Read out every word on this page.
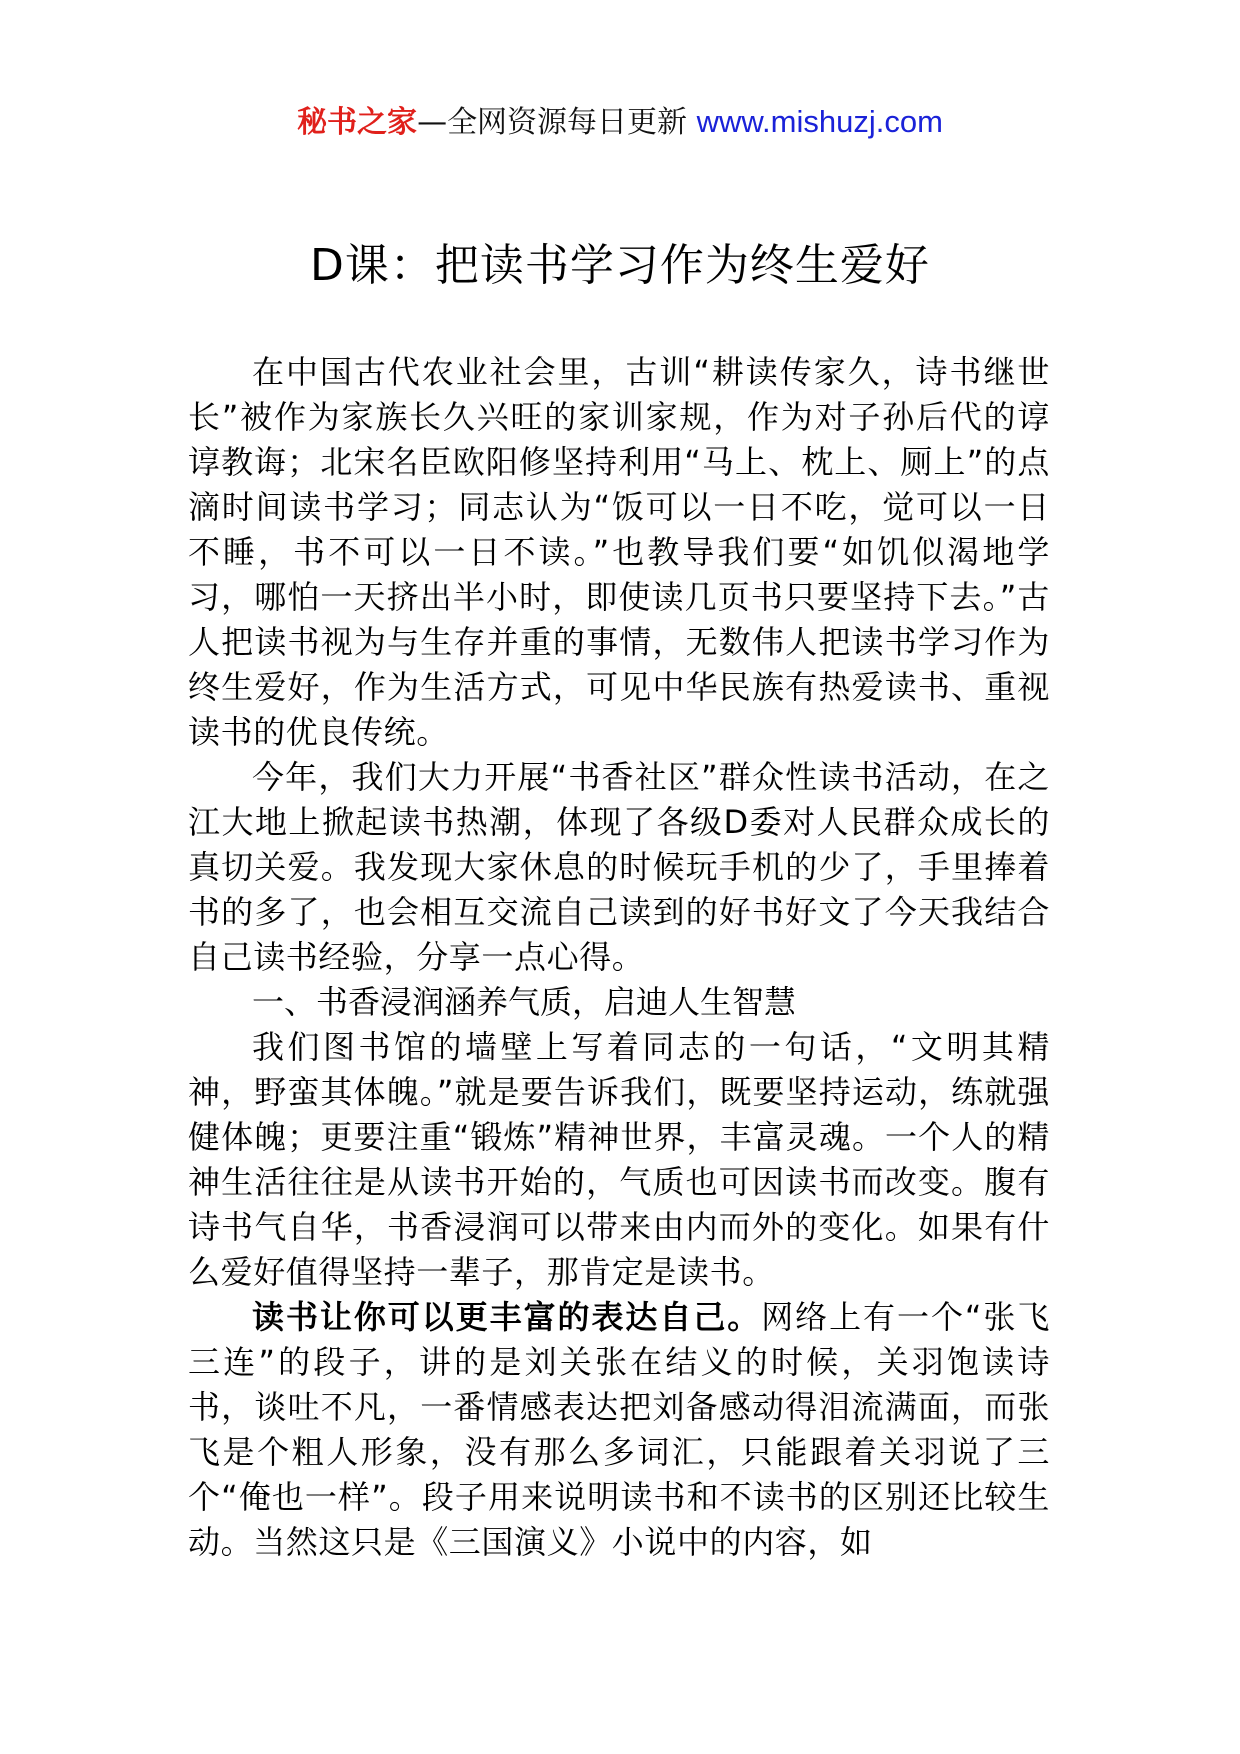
秘书之家—全网资源每日更新 www.mishuzj.com
D课：把读书学习作为终生爱好

在中国古代农业社会里，古训“耕读传家久，诗书继世长”被作为家族长久兴旺的家训家规，作为对子孙后代的谆谆教诲；北宋名臣欧阳修坚持利用“马上、枕上、厕上”的点滴时间读书学习；同志认为“饭可以一日不吃，觉可以一日不睡，书不可以一日不读。”也教导我们要“如饥似渴地学习，哪怕一天挤出半小时，即使读几页书只要坚持下去。”古人把读书视为与生存并重的事情，无数伟人把读书学习作为终生爱好，作为生活方式，可见中华民族有热爱读书、重视读书的优良传统。

今年，我们大力开展“书香社区”群众性读书活动，在之江大地上掀起读书热潮，体现了各级D委对人民群众成长的真切关爱。我发现大家休息的时候玩手机的少了，手里捧着书的多了，也会相互交流自己读到的好书好文了今天我结合自己读书经验，分享一点心得。

一、书香浸润涵养气质，启迪人生智慧

我们图书馆的墙壁上写着同志的一句话，“文明其精神，野蛮其体魄。”就是要告诉我们，既要坚持运动，练就强健体魄；更要注重“锻炼”精神世界，丰富灵魂。一个人的精神生活往往是从读书开始的，气质也可因读书而改变。腹有诗书气自华，书香浸润可以带来由内而外的变化。如果有什么爱好值得坚持一辈子，那肯定是读书。

读书让你可以更丰富的表达自己。网络上有一个“张飞三连”的段子，讲的是刘关张在结义的时候，关羽饱读诗书，谈吐不凡，一番情感表达把刘备感动得泪流满面，而张飞是个粗人形象，没有那么多词汇，只能跟着关羽说了三个“俺也一样”。段子用来说明读书和不读书的区别还比较生动。当然这只是《三国演义》小说中的内容，如
